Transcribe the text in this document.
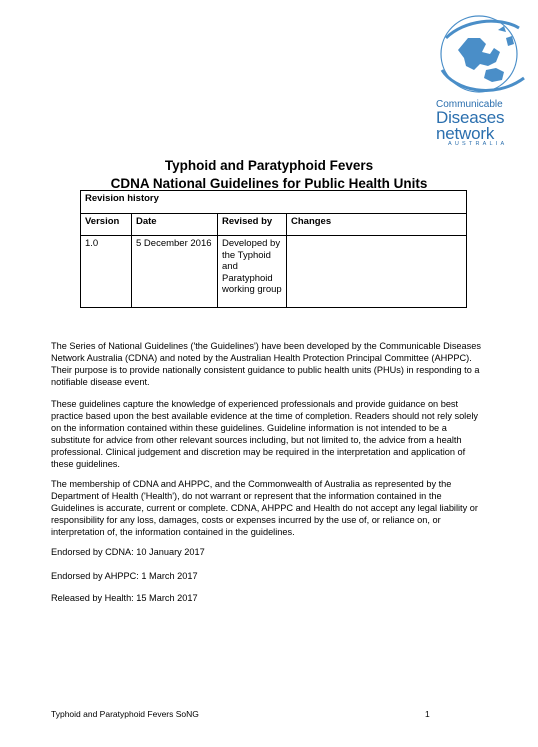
Communicable
Diseases
network
AUSTRALIA
Typhoid and Paratyphoid Fevers
CDNA National Guidelines for Public Health Units
Revision history			
Version	Date	Revised by	Changes
1.0	5 December 2016	Developed by the Typhoid and Paratyphoid working group	

The Series of National Guidelines ('the Guidelines') have been developed by the Communicable Diseases Network Australia (CDNA) and noted by the Australian Health Protection Principal Committee (AHPPC). Their purpose is to provide nationally consistent guidance to public health units (PHUs) in responding to a notifiable disease event.

These guidelines capture the knowledge of experienced professionals and provide guidance on best practice based upon the best available evidence at the time of completion. Readers should not rely solely on the information contained within these guidelines. Guideline information is not intended to be a substitute for advice from other relevant sources including, but not limited to, the advice from a health professional. Clinical judgement and discretion may be required in the interpretation and application of these guidelines.

The membership of CDNA and AHPPC, and the Commonwealth of Australia as represented by the Department of Health ('Health'), do not warrant or represent that the information contained in the Guidelines is accurate, current or complete. CDNA, AHPPC and Health do not accept any legal liability or responsibility for any loss, damages, costs or expenses incurred by the use of, or reliance on, or interpretation of, the information contained in the guidelines.

Endorsed by CDNA: 10 January 2017

Endorsed by AHPPC: 1 March 2017

Released by Health: 15 March 2017

Typhoid and Paratyphoid Fevers SoNG	1
